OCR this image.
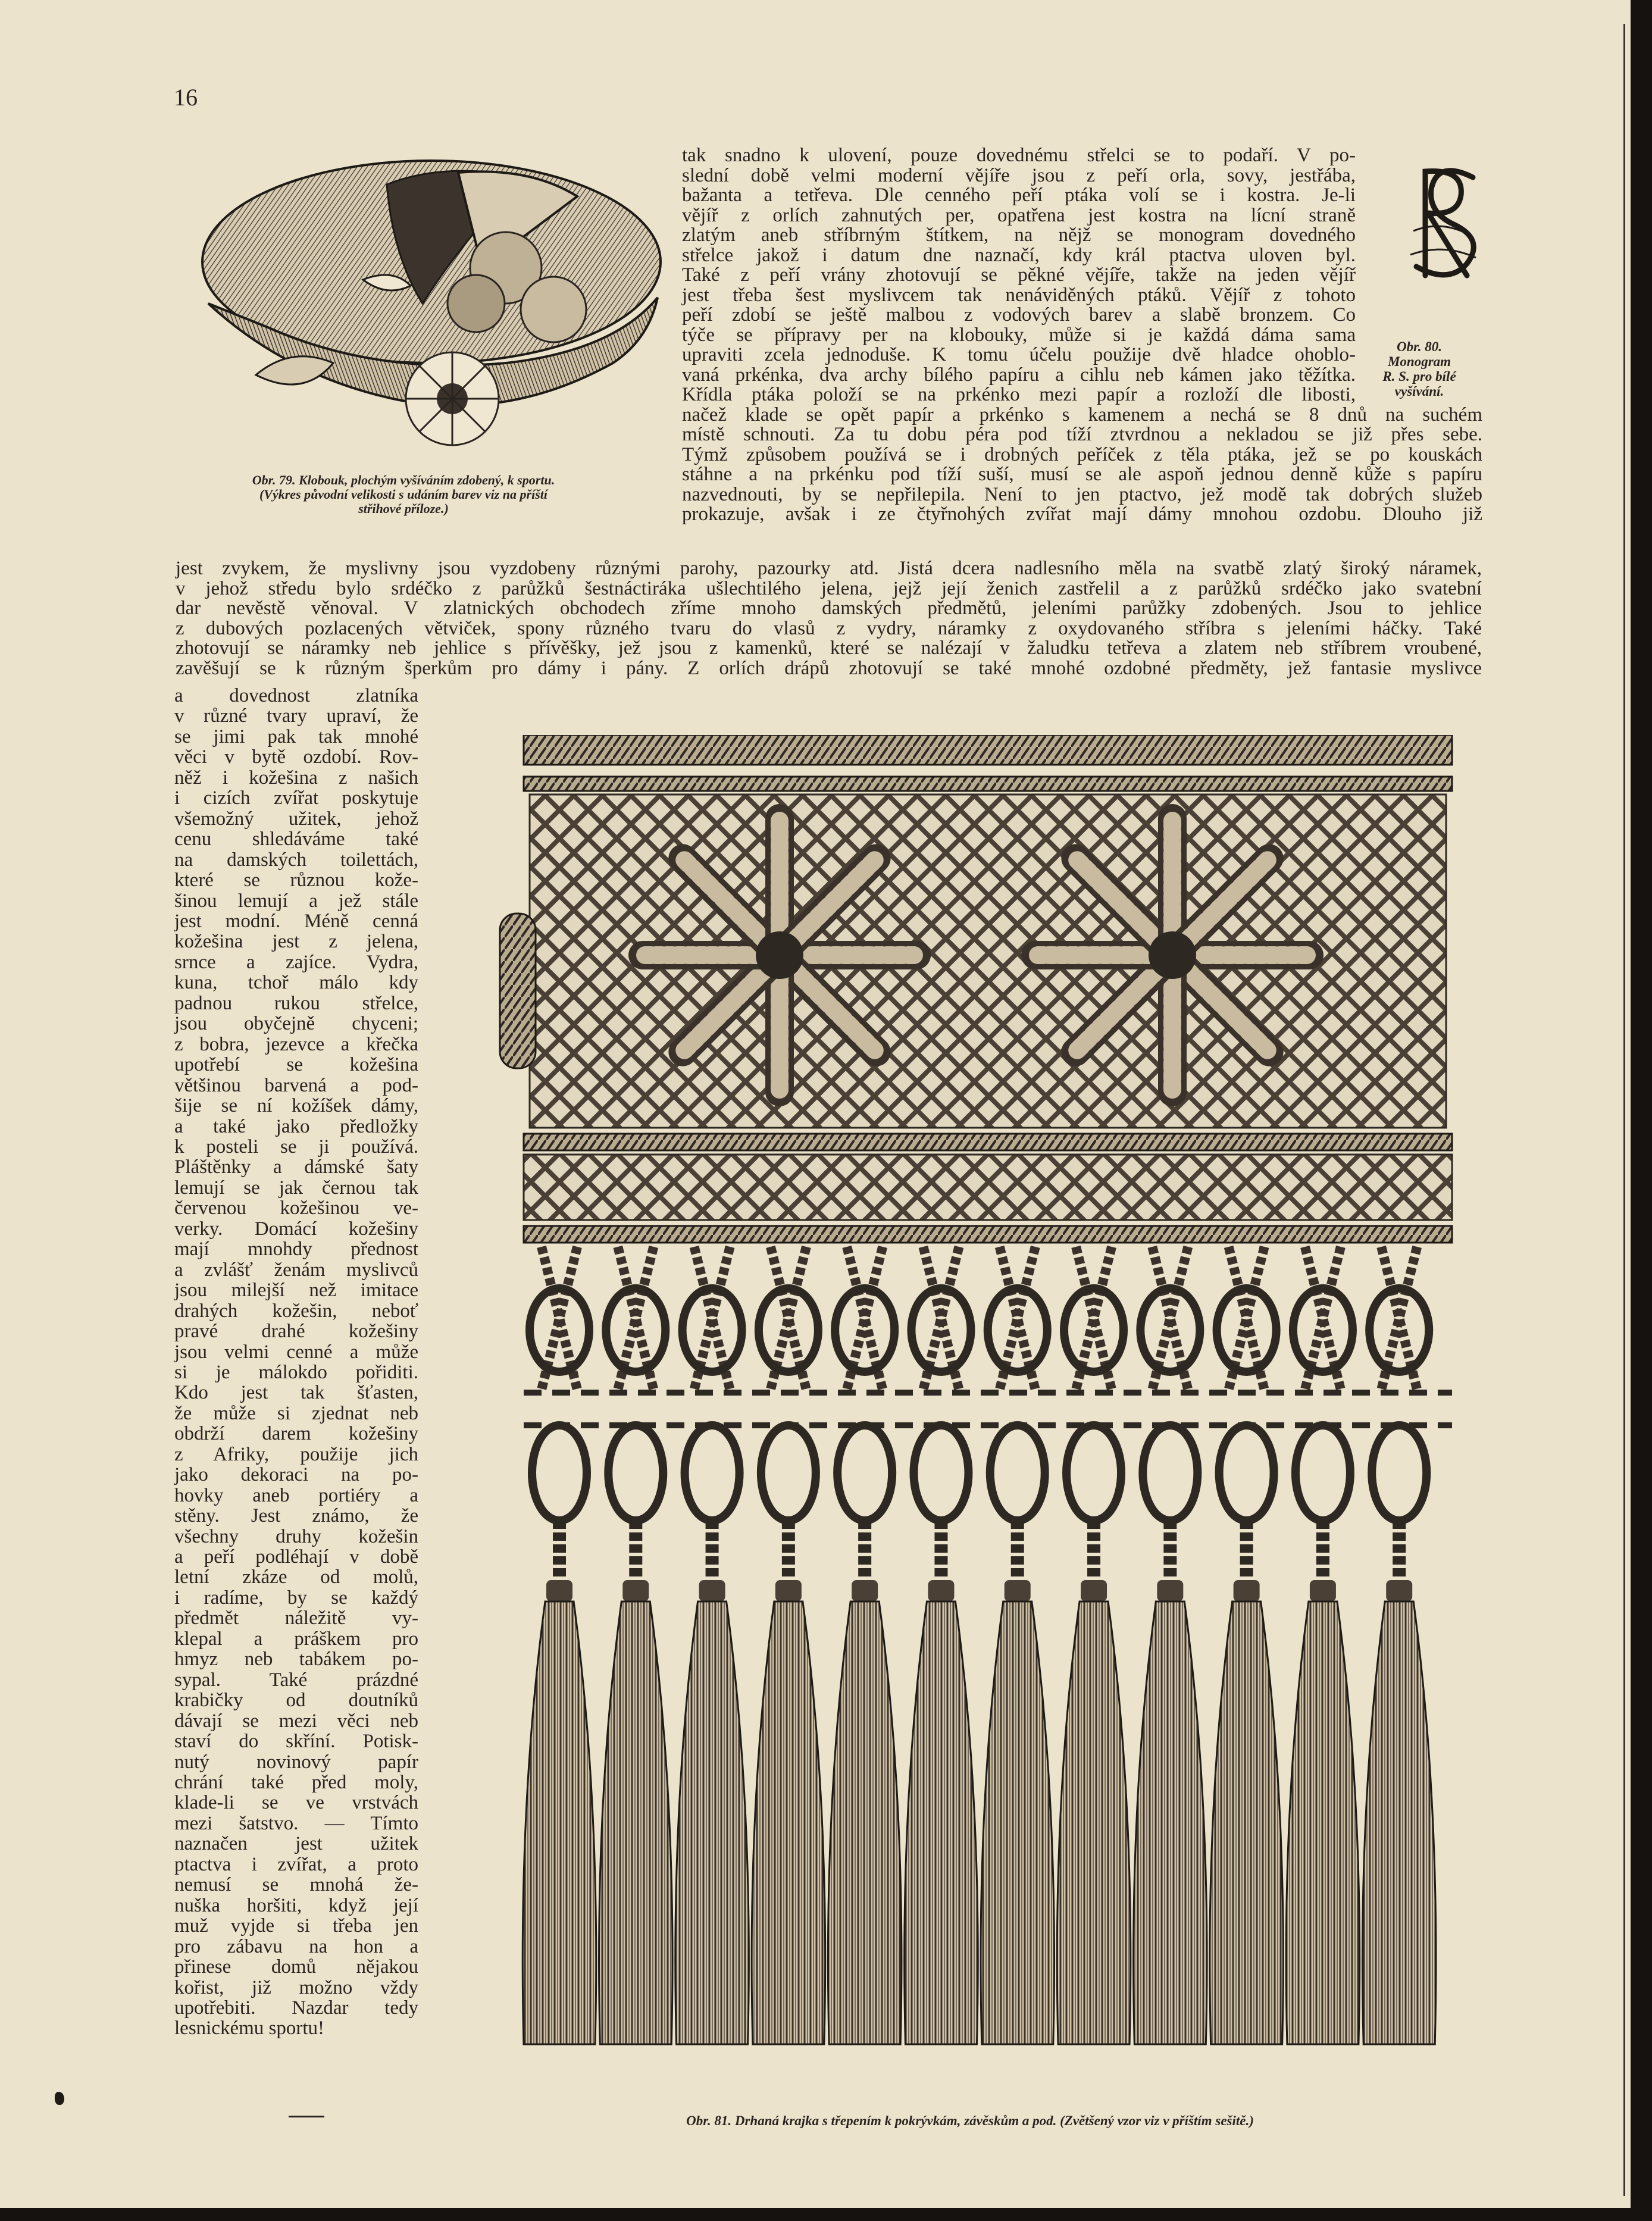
16
Obr. 79. Klobouk, plochým vyšíváním zdobený, k sportu.
(Výkres původní velikosti s udáním barev viz na příští
střihové příloze.)
Obr. 80.
Monogram
R. S. pro bílé
vyšívání.
tak snadno k ulovení, pouze dovednému střelci se to podaří. V po-
slední době velmi moderní vějíře jsou z peří orla, sovy, jestřába,
bažanta a tetřeva. Dle cenného peří ptáka volí se i kostra. Je-li
vějíř z orlích zahnutých per, opatřena jest kostra na lícní straně
zlatým aneb stříbrným štítkem, na nějž se monogram dovedného
střelce jakož i datum dne naznačí, kdy král ptactva uloven byl.
Také z peří vrány zhotovují se pěkné vějíře, takže na jeden vějíř
jest třeba šest myslivcem tak nenáviděných ptáků. Vějíř z tohoto
peří zdobí se ještě malbou z vodových barev a slabě bronzem. Co
týče se přípravy per na klobouky, může si je každá dáma sama
upraviti zcela jednoduše. K tomu účelu použije dvě hladce ohoblo-
vaná prkénka, dva archy bílého papíru a cihlu neb kámen jako těžítka.
Křídla ptáka položí se na prkénko mezi papír a rozloží dle libosti,
načež klade se opět papír a prkénko s kamenem a nechá se 8 dnů na suchém
místě schnouti. Za tu dobu péra pod tíží ztvrdnou a nekladou se již přes sebe.
Týmž způsobem používá se i drobných peříček z těla ptáka, jež se po kouskách
stáhne a na prkénku pod tíží suší, musí se ale aspoň jednou denně kůže s papíru
nazvednouti, by se nepřilepila. Není to jen ptactvo, jež modě tak dobrých služeb
prokazuje, avšak i ze čtyřnohých zvířat mají dámy mnohou ozdobu. Dlouho již
jest zvykem, že myslivny jsou vyzdobeny různými parohy, pazourky atd. Jistá dcera nadlesního měla na svatbě zlatý široký náramek,
v jehož středu bylo srdéčko z parůžků šestnáctiráka ušlechtilého jelena, jejž její ženich zastřelil a z parůžků srdéčko jako svatební
dar nevěstě věnoval. V zlatnických obchodech zříme mnoho damských předmětů, jeleními parůžky zdobených. Jsou to jehlice
z dubových pozlacených větviček, spony různého tvaru do vlasů z vydry, náramky z oxydovaného stříbra s jeleními háčky. Také
zhotovují se náramky neb jehlice s přívěšky, jež jsou z kamenků, které se nalézají v žaludku tetřeva a zlatem neb stříbrem vroubené,
zavěšují se k různým šperkům pro dámy i pány. Z orlích drápů zhotovují se také mnohé ozdobné předměty, jež fantasie myslivce
a dovednost zlatníka
v různé tvary upraví, že
se jimi pak tak mnohé
věci v bytě ozdobí. Rov-
něž i kožešina z našich
i cizích zvířat poskytuje
všemožný užitek, jehož
cenu shledáváme také
na damských toilettách,
které se různou kože-
šinou lemují a jež stále
jest modní. Méně cenná
kožešina jest z jelena,
srnce a zajíce. Vydra,
kuna, tchoř málo kdy
padnou rukou střelce,
jsou obyčejně chyceni;
z bobra, jezevce a křečka
upotřebí se kožešina
většinou barvená a pod-
šije se ní kožíšek dámy,
a také jako předložky
k posteli se ji používá.
Pláštěnky a dámské šaty
lemují se jak černou tak
červenou kožešinou ve-
verky. Domácí kožešiny
mají mnohdy přednost
a zvlášť ženám myslivců
jsou milejší než imitace
drahých kožešin, neboť
pravé drahé kožešiny
jsou velmi cenné a může
si je málokdo pořiditi.
Kdo jest tak šťasten,
že může si zjednat neb
obdrží darem kožešiny
z Afriky, použije jich
jako dekoraci na po-
hovky aneb portiéry a
stěny. Jest známo, že
všechny druhy kožešin
a peří podléhají v době
letní zkáze od molů,
i radíme, by se každý
předmět náležitě vy-
klepal a práškem pro
hmyz neb tabákem po-
sypal. Také prázdné
krabičky od doutníků
dávají se mezi věci neb
staví do skříní. Potisk-
nutý novinový papír
chrání také před moly,
klade-li se ve vrstvách
mezi šatstvo. — Tímto
naznačen jest užitek
ptactva i zvířat, a proto
nemusí se mnohá že-
nuška horšiti, když její
muž vyjde si třeba jen
pro zábavu na hon a
přinese domů nějakou
kořist, již možno vždy
upotřebiti. Nazdar tedy
lesnickému sportu!
Obr. 81. Drhaná krajka s třepením k pokrývkám, závěskům a pod. (Zvětšený vzor viz v příštím sešitě.)
